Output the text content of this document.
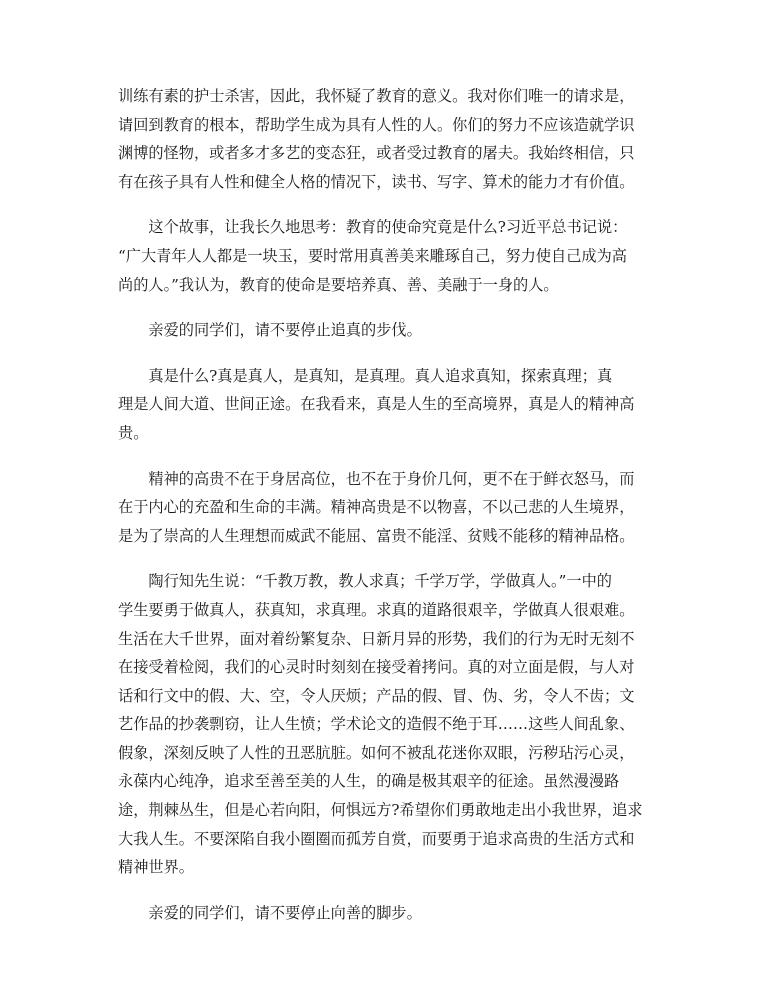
训练有素的护士杀害，因此，我怀疑了教育的意义。我对你们唯一的请求是，
请回到教育的根本，帮助学生成为具有人性的人。你们的努力不应该造就学识
渊博的怪物，或者多才多艺的变态狂，或者受过教育的屠夫。我始终相信，只
有在孩子具有人性和健全人格的情况下，读书、写字、算术的能力才有价值。

这个故事，让我长久地思考：教育的使命究竟是什么?习近平总书记说：
“广大青年人人都是一块玉，要时常用真善美来雕琢自己，努力使自己成为高
尚的人。”我认为，教育的使命是要培养真、善、美融于一身的人。

亲爱的同学们，请不要停止追真的步伐。

真是什么?真是真人，是真知，是真理。真人追求真知，探索真理；真
理是人间大道、世间正途。在我看来，真是人生的至高境界，真是人的精神高
贵。

精神的高贵不在于身居高位，也不在于身价几何，更不在于鲜衣怒马，而
在于内心的充盈和生命的丰满。精神高贵是不以物喜，不以己悲的人生境界，
是为了崇高的人生理想而威武不能屈、富贵不能淫、贫贱不能移的精神品格。

陶行知先生说：“千教万教，教人求真；千学万学，学做真人。”一中的
学生要勇于做真人，获真知，求真理。求真的道路很艰辛，学做真人很艰难。
生活在大千世界，面对着纷繁复杂、日新月异的形势，我们的行为无时无刻不
在接受着检阅，我们的心灵时时刻刻在接受着拷问。真的对立面是假，与人对
话和行文中的假、大、空，令人厌烦；产品的假、冒、伪、劣，令人不齿；文
艺作品的抄袭剽窃，让人生愤；学术论文的造假不绝于耳……这些人间乱象、
假象，深刻反映了人性的丑恶肮脏。如何不被乱花迷你双眼，污秽玷污心灵，
永葆内心纯净，追求至善至美的人生，的确是极其艰辛的征途。虽然漫漫路
途，荆棘丛生，但是心若向阳，何惧远方?希望你们勇敢地走出小我世界，追求
大我人生。不要深陷自我小圈圈而孤芳自赏，而要勇于追求高贵的生活方式和
精神世界。

亲爱的同学们，请不要停止向善的脚步。
